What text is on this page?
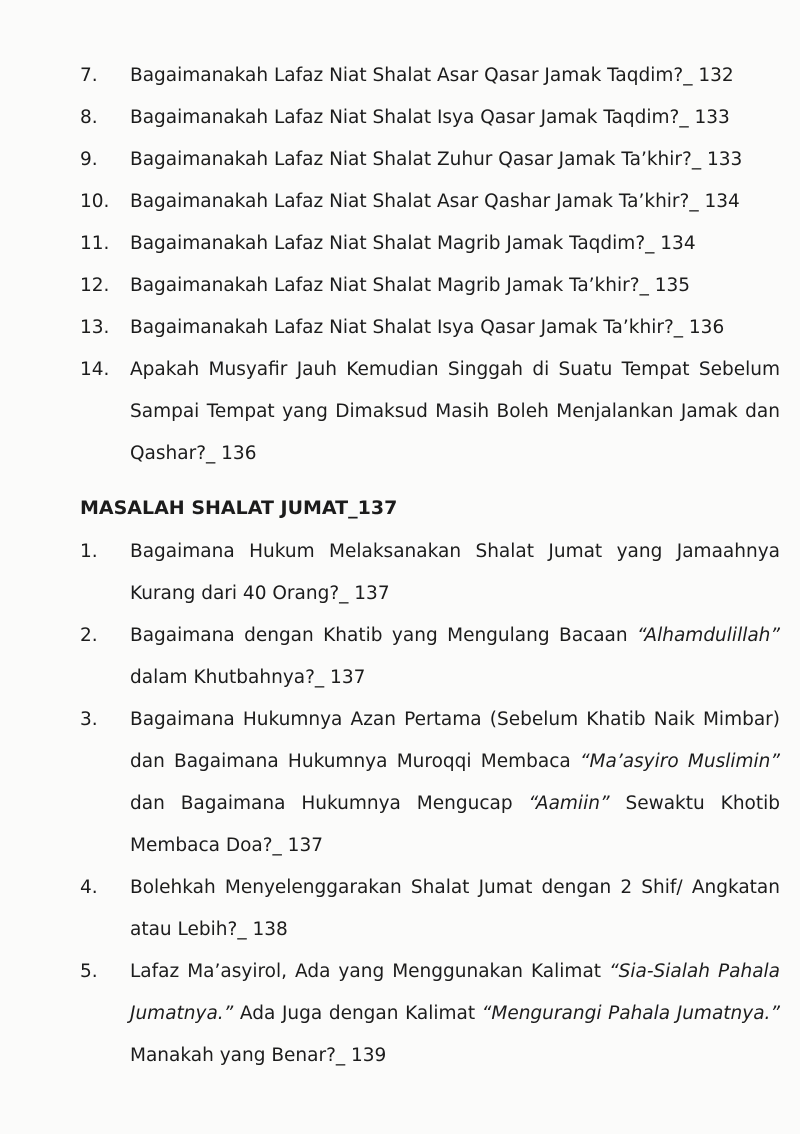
7.	Bagaimanakah Lafaz Niat Shalat Asar Qasar Jamak Taqdim?_ 132
8.	Bagaimanakah Lafaz Niat Shalat Isya Qasar Jamak Taqdim?_ 133
9.	Bagaimanakah Lafaz Niat Shalat Zuhur Qasar Jamak Ta’khir?_ 133
10.	Bagaimanakah Lafaz Niat Shalat Asar Qashar Jamak Ta’khir?_ 134
11.	Bagaimanakah Lafaz Niat Shalat Magrib Jamak Taqdim?_ 134
12.	Bagaimanakah Lafaz Niat Shalat Magrib Jamak Ta’khir?_ 135
13.	Bagaimanakah Lafaz Niat Shalat Isya Qasar Jamak Ta’khir?_ 136
14.	Apakah Musyafir Jauh Kemudian Singgah di Suatu Tempat Sebelum Sampai Tempat yang Dimaksud Masih Boleh Menjalankan Jamak dan Qashar?_ 136
MASALAH SHALAT JUMAT_137
1.	Bagaimana Hukum Melaksanakan Shalat Jumat yang Jamaahnya Kurang dari 40 Orang?_ 137
2.	Bagaimana dengan Khatib yang Mengulang Bacaan “Alhamdulillah” dalam Khutbahnya?_ 137
3.	Bagaimana Hukumnya Azan Pertama (Sebelum Khatib Naik Mimbar) dan Bagaimana Hukumnya Muroqqi Membaca “Ma’asyiro Muslimin” dan Bagaimana Hukumnya Mengucap “Aamiin” Sewaktu Khotib Membaca Doa?_ 137
4.	Bolehkah Menyelenggarakan Shalat Jumat dengan 2 Shif/ Angkatan atau Lebih?_ 138
5.	Lafaz Ma’asyirol, Ada yang Menggunakan Kalimat “Sia-Sialah Pahala Jumatnya.” Ada Juga dengan Kalimat “Mengurangi Pahala Jumatnya.” Manakah yang Benar?_ 139
